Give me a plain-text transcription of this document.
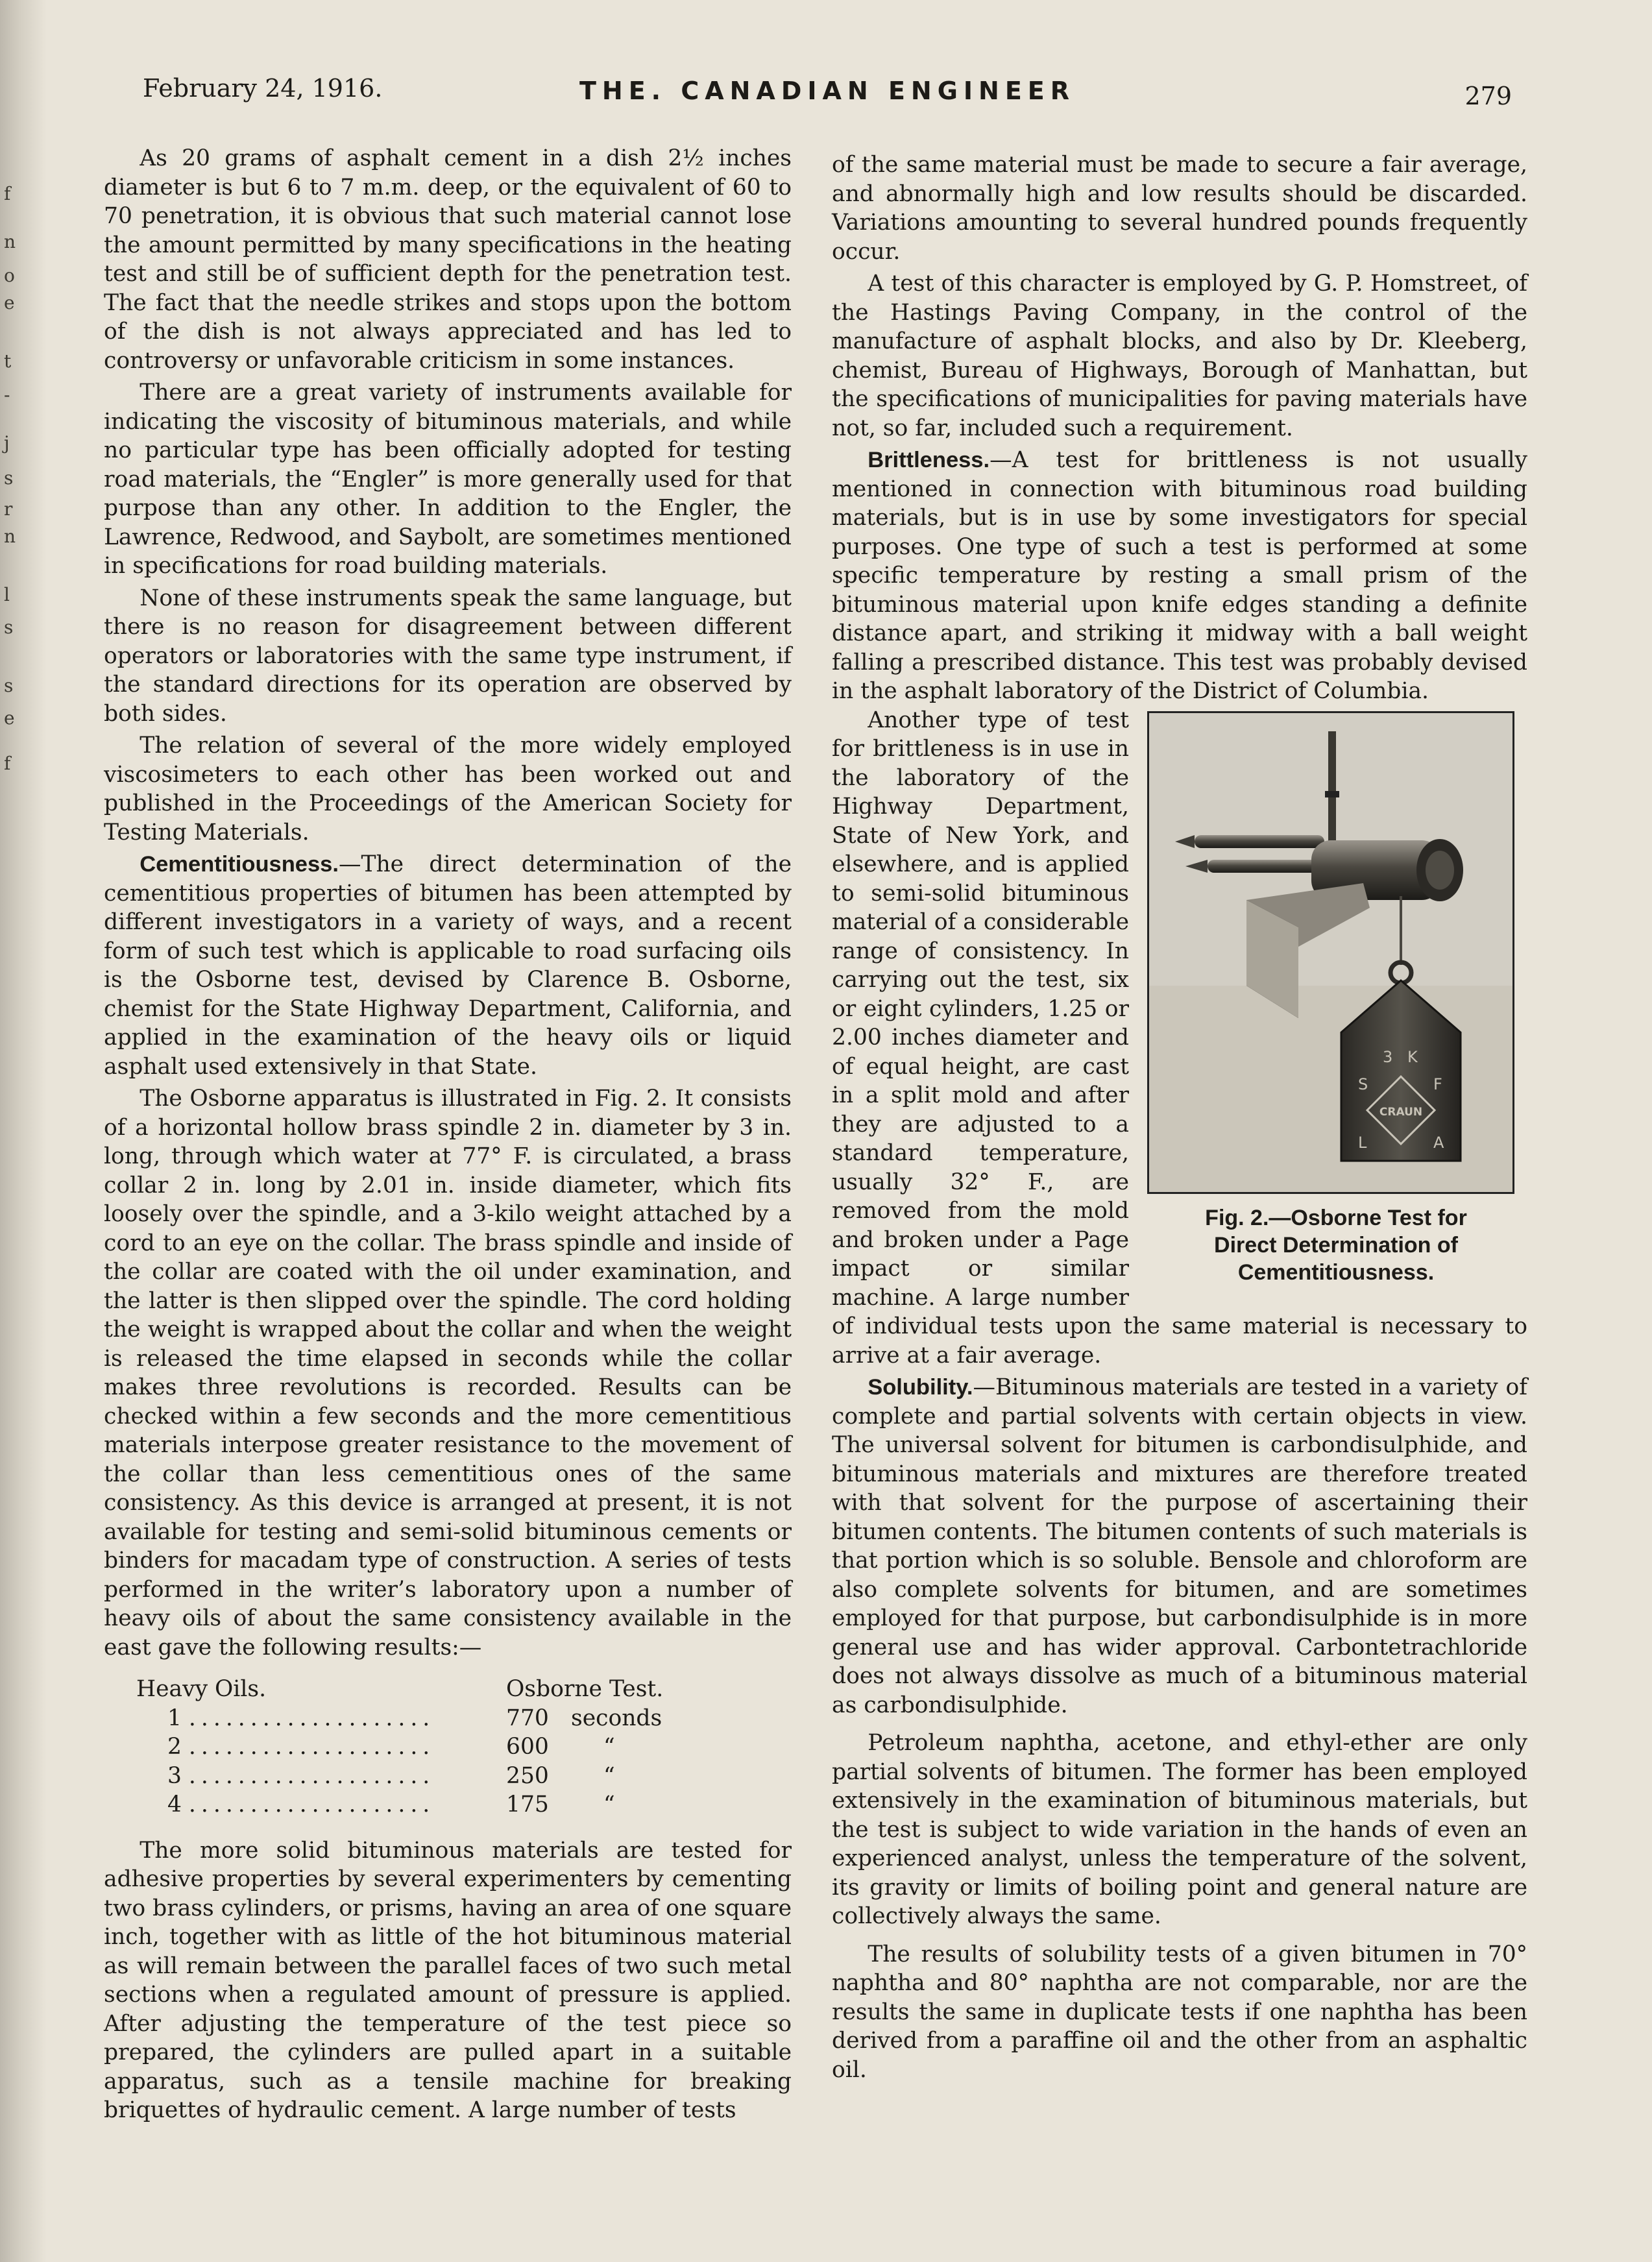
f
n
o
e
t
-
j
s
r
n
l
s
s
e
f
February 24, 1916.	THE. CANADIAN ENGINEER	279

As 20 grams of asphalt cement in a dish 2½ inches diameter is but 6 to 7 m.m. deep, or the equivalent of 60 to 70 penetration, it is obvious that such material cannot lose the amount permitted by many specifications in the heating test and still be of sufficient depth for the penetration test. The fact that the needle strikes and stops upon the bottom of the dish is not always appreciated and has led to controversy or unfavorable criticism in some instances.

There are a great variety of instruments available for indicating the viscosity of bituminous materials, and while no particular type has been officially adopted for testing road materials, the “Engler” is more generally used for that purpose than any other. In addition to the Engler, the Lawrence, Redwood, and Saybolt, are sometimes mentioned in specifications for road building materials.

None of these instruments speak the same language, but there is no reason for disagreement between different operators or laboratories with the same type instrument, if the standard directions for its operation are observed by both sides.

The relation of several of the more widely employed viscosimeters to each other has been worked out and published in the Proceedings of the American Society for Testing Materials.

Cementitiousness.—The direct determination of the cementitious properties of bitumen has been attempted by different investigators in a variety of ways, and a recent form of such test which is applicable to road surfacing oils is the Osborne test, devised by Clarence B. Osborne, chemist for the State Highway Department, California, and applied in the examination of the heavy oils or liquid asphalt used extensively in that State.

The Osborne apparatus is illustrated in Fig. 2. It consists of a horizontal hollow brass spindle 2 in. diameter by 3 in. long, through which water at 77° F. is circulated, a brass collar 2 in. long by 2.01 in. inside diameter, which fits loosely over the spindle, and a 3-kilo weight attached by a cord to an eye on the collar. The brass spindle and inside of the collar are coated with the oil under examination, and the latter is then slipped over the spindle. The cord holding the weight is wrapped about the collar and when the weight is released the time elapsed in seconds while the collar makes three revolutions is recorded. Results can be checked within a few seconds and the more cementitious materials interpose greater resistance to the movement of the collar than less cementitious ones of the same consistency. As this device is arranged at present, it is not available for testing and semi-solid bituminous cements or binders for macadam type of construction. A series of tests performed in the writer’s laboratory upon a number of heavy oils of about the same consistency available in the east gave the following results:—

Heavy Oils.	Osborne Test.
1 ....................	770 seconds
2 ....................	600	“
3 ....................	250	“
4 ....................	175	“

The more solid bituminous materials are tested for adhesive properties by several experimenters by cementing two brass cylinders, or prisms, having an area of one square inch, together with as little of the hot bituminous material as will remain between the parallel faces of two such metal sections when a regulated amount of pressure is applied. After adjusting the temperature of the test piece so prepared, the cylinders are pulled apart in a suitable apparatus, such as a tensile machine for breaking briquettes of hydraulic cement. A large number of tests

of the same material must be made to secure a fair average, and abnormally high and low results should be discarded. Variations amounting to several hundred pounds frequently occur.

A test of this character is employed by G. P. Homstreet, of the Hastings Paving Company, in the control of the manufacture of asphalt blocks, and also by Dr. Kleeberg, chemist, Bureau of Highways, Borough of Manhattan, but the specifications of municipalities for paving materials have not, so far, included such a requirement.

Brittleness.—A test for brittleness is not usually mentioned in connection with bituminous road building materials, but is in use by some investigators for special purposes. One type of such a test is performed at some specific temperature by resting a small prism of the bituminous material upon knife edges standing a definite distance apart, and striking it midway with a ball weight falling a prescribed distance. This test was probably devised in the asphalt laboratory of the District of Columbia.

3 K
S	F
CRAUN
L	A
Fig. 2.—Osborne Test for
Direct Determination of
Cementitiousness.

Another type of test for brittleness is in use in the laboratory of the Highway Department, State of New York, and elsewhere, and is applied to semi-solid bituminous material of a considerable range of consistency. In carrying out the test, six or eight cylinders, 1.25 or 2.00 inches diameter and of equal height, are cast in a split mold and after they are adjusted to a standard temperature, usually 32° F., are removed from the mold and broken under a Page impact or similar machine. A large number of individual tests upon the same material is necessary to arrive at a fair average.

Solubility.—Bituminous materials are tested in a variety of complete and partial solvents with certain objects in view. The universal solvent for bitumen is carbondisulphide, and bituminous materials and mixtures are therefore treated with that solvent for the purpose of ascertaining their bitumen contents. The bitumen contents of such materials is that portion which is so soluble. Bensole and chloroform are also complete solvents for bitumen, and are sometimes employed for that purpose, but carbondisulphide is in more general use and has wider approval. Carbontetrachloride does not always dissolve as much of a bituminous material as carbondisulphide.

Petroleum naphtha, acetone, and ethyl-ether are only partial solvents of bitumen. The former has been employed extensively in the examination of bituminous materials, but the test is subject to wide variation in the hands of even an experienced analyst, unless the temperature of the solvent, its gravity or limits of boiling point and general nature are collectively always the same.

The results of solubility tests of a given bitumen in 70° naphtha and 80° naphtha are not comparable, nor are the results the same in duplicate tests if one naphtha has been derived from a paraffine oil and the other from an asphaltic oil.
